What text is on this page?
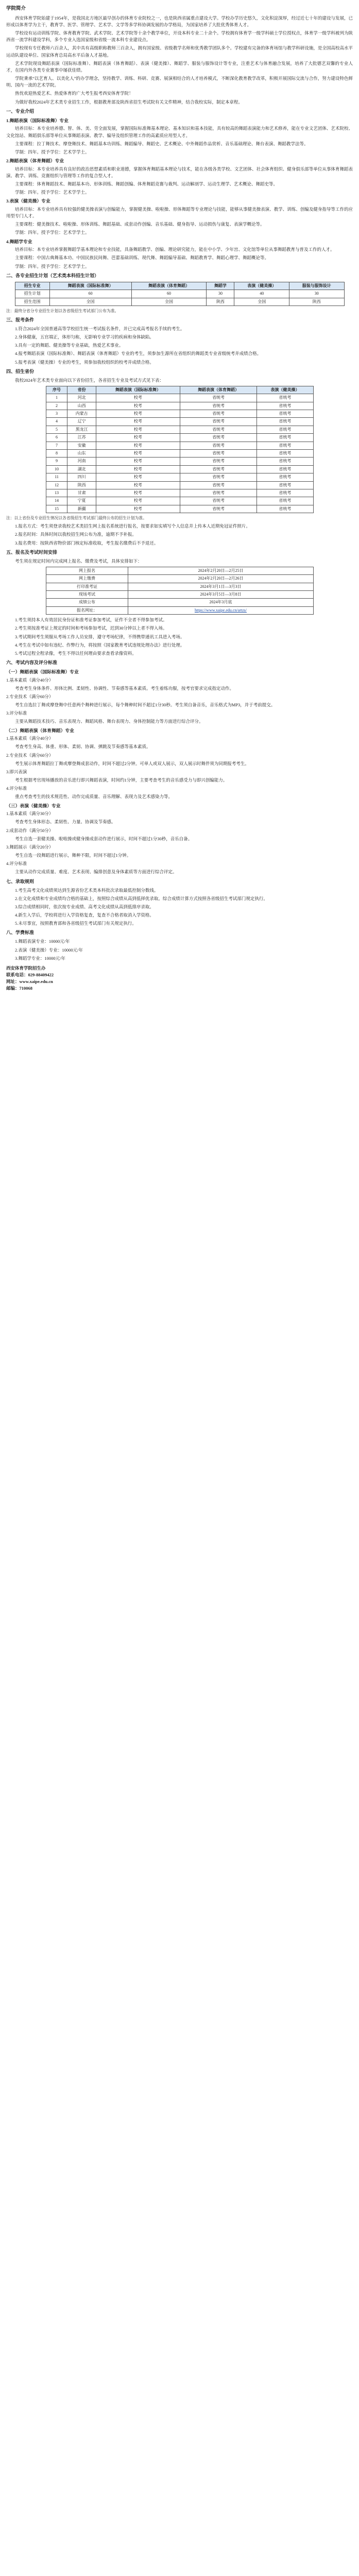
学院简介

西安体育学院始建于1954年，是我国北方地区最早创办的体育专业院校之一，也是陕西省属重点建设大学。学校办学历史悠久，文化积淀深厚，经过近七十年的建设与发展，已形成以体育学为主干，教育学、医学、管理学、艺术学、文学等多学科协调发展的办学格局，为国家培养了大批优秀体育人才。

学校设有运动训练学院、体育教育学院、武术学院、艺术学院等十余个教学单位，开设本科专业二十余个。学校拥有体育学一级学科硕士学位授权点，体育学一级学科被列为陕西省一流学科建设学科，多个专业入选国家级和省级一流本科专业建设点。

学校现有专任教师六百余人，其中具有高级职称教师三百余人，拥有国家级、省级教学名师和优秀教学团队多个。学校建有完备的体育场馆与教学科研设施，是全国高校高水平运动队建设单位、国家体育总局高水平后备人才基地。

艺术学院现设舞蹈表演（国际标准舞）、舞蹈表演（体育舞蹈）、表演（健美操）、舞蹈学、服装与服饰设计等专业，注重艺术与体育融合发展，培养了大批德艺双馨的专业人才，在国内外各类专业赛事中屡获佳绩。

学院秉承“以艺育人、以美化人”的办学理念，坚持教学、训练、科研、竞赛、展演相结合的人才培养模式，不断深化教育教学改革，积极开展国际交流与合作，努力建设特色鲜明、国内一流的艺术学院。

热忱欢迎热爱艺术、热爱体育的广大考生报考西安体育学院！

为做好我校2024年艺术类专业招生工作，根据教育部及陕西省招生考试院有关文件精神，结合我校实际，制定本章程。

一、专业介绍
1.舞蹈表演（国际标准舞）专业

培养目标：本专业培养德、智、体、美、劳全面发展，掌握国际标准舞基本理论、基本知识和基本技能，具有较高的舞蹈表演能力和艺术修养，能在专业文艺团体、艺术院校、文化馆站、舞蹈俱乐部等单位从事舞蹈表演、教学、编导及组织管理工作的高素质应用型人才。

主要课程：拉丁舞技术、摩登舞技术、舞蹈基本功训练、舞蹈编导、舞蹈史、艺术概论、中外舞蹈作品赏析、音乐基础理论、舞台表演、舞蹈教学法等。

学制：四年。授予学位：艺术学学士。

2.舞蹈表演（体育舞蹈）专业

培养目标：本专业培养具有良好的政治思想素质和职业道德，掌握体育舞蹈基本理论与技术，能在各级各类学校、文艺团体、社会体育组织、健身俱乐部等单位从事体育舞蹈表演、教学、训练、竞赛组织与管理等工作的复合型人才。

主要课程：体育舞蹈技术、舞蹈基本功、形体训练、舞蹈创编、体育舞蹈竞赛与裁判、运动解剖学、运动生理学、艺术概论、舞蹈史等。

学制：四年。授予学位：艺术学学士。

3.表演（健美操）专业

培养目标：本专业培养具有较强的健美操表演与创编能力，掌握健美操、啦啦操、形体舞蹈等专业理论与技能，能够从事健美操表演、教学、训练、创编及健身指导等工作的应用型专门人才。

主要课程：健美操技术、啦啦操、形体训练、舞蹈基础、成套动作创编、音乐基础、健身指导、运动损伤与康复、表演学概论等。

学制：四年。授予学位：艺术学学士。

4.舞蹈学专业

培养目标：本专业培养掌握舞蹈学基本理论和专业技能，具备舞蹈教学、创编、理论研究能力，能在中小学、少年宫、文化馆等单位从事舞蹈教育与普及工作的人才。

主要课程：中国古典舞基本功、中国民族民间舞、芭蕾基础训练、现代舞、舞蹈编导基础、舞蹈教育学、舞蹈心理学、舞蹈概论等。

学制：四年。授予学位：艺术学学士。

二、各专业招生计划（艺术类本科招生计划）
招生专业	舞蹈表演（国际标准舞）	舞蹈表演（体育舞蹈）	舞蹈学	表演（健美操）	服装与服饰设计
招生计划	60	60	30	40	30
招生范围	全国	全国	陕西	全国	陕西

注：最终分省分专业招生计划以各省级招生考试部门公布为准。

三、报考条件

1.符合2024年全国普通高等学校招生统一考试报名条件，并已完成高考报名手续的考生。

2.身体健康，五官端正，体形匀称，无影响专业学习的疾病和身体缺陷。

3.具有一定的舞蹈、健美操等专业基础，热爱艺术事业。

4.报考舞蹈表演（国际标准舞）、舞蹈表演（体育舞蹈）专业的考生，须参加生源所在省组织的舞蹈类专业省级统考并成绩合格。

5.报考表演（健美操）专业的考生，须参加我校组织的校考并成绩合格。

四、招生省份

我校2024年艺术类专业面向以下省份招生，各省招生专业及考试方式见下表：

序号	省份	舞蹈表演（国际标准舞）	舞蹈表演（体育舞蹈）	表演（健美操）
1	河北	校考	省统考	省统考
2	山西	校考	省统考	省统考
3	内蒙古	校考	省统考	省统考
4	辽宁	校考	省统考	省统考
5	黑龙江	校考	省统考	省统考
6	江苏	校考	省统考	省统考
7	安徽	校考	省统考	省统考
8	山东	校考	省统考	省统考
9	河南	校考	省统考	省统考
10	湖北	校考	省统考	省统考
11	四川	校考	省统考	省统考
12	陕西	校考	省统考	省统考
13	甘肃	校考	省统考	省统考
14	宁夏	校考	省统考	省统考
15	新疆	校考	省统考	省统考

注：以上省份及专业招生情况以各省级招生考试部门最终公布的招生计划为准。

1.报名方式：考生须登录我校艺术类招生网上报名系统进行报名，按要求如实填写个人信息并上传本人近期免冠证件照片。

2.报名时间：具体时间以我校招生网公布为准，逾期不予补报。

3.报名费用：按陕西省物价部门核定标准收取，考生报名缴费后不予退还。

五、报名及考试时间安排

考生须在规定时间内完成网上报名、缴费及考试，具体安排如下：

网上报名	2024年2月20日—2月25日
网上缴费	2024年2月20日—2月26日
打印准考证	2024年3月1日—3月3日
现场考试	2024年3月5日—3月8日
成绩公布	2024年3月底
报名网址：	https://www.xaipe.edu.cn/artzs/

1.考生须持本人有效居民身份证和准考证参加考试，证件不全者不得参加考试。

2.考生须按准考证上规定的时间和考场参加考试，迟到30分钟以上者不得入场。

3.考试期间考生须服从考场工作人员安排，遵守考场纪律，不得携带通讯工具进入考场。

4.考生在考试中如有违纪、作弊行为，将按照《国家教育考试违规处理办法》进行处理。

5.考试过程全程录像，考生不得以任何理由要求查看录像资料。

六、考试内容及评分标准
（一）舞蹈表演（国际标准舞）专业

1.基本素质（满分40分）

考查考生身体条件、形体比例、柔韧性、协调性、节奏感等基本素质。考生着练功服，按考官要求完成指定动作。

2.专业技术（满分60分）

考生自选拉丁舞或摩登舞中任意两个舞种进行展示，每个舞种时间不超过1分30秒。考生须自备音乐，音乐格式为MP3，并于考前提交。

3.评分标准

主要从舞蹈技术技巧、音乐表现力、舞蹈风格、舞台表现力、身体控制能力等方面进行综合评分。

（二）舞蹈表演（体育舞蹈）专业

1.基本素质（满分40分）

考查考生身高、体重、形体、柔韧、协调、弹跳及节奏感等基本素质。

2.专业技术（满分60分）

考生展示体育舞蹈拉丁舞或摩登舞成套动作，时间不超过2分钟。可单人或双人展示，双人展示时舞伴须为同期报考考生。

3.即兴表演

考生根据考官现场播放的音乐进行即兴舞蹈表演，时间约1分钟，主要考查考生的音乐感受力与即兴创编能力。

4.评分标准

重点考查考生的技术规范性、动作完成质量、音乐理解、表现力及艺术感染力等。

（三）表演（健美操）专业

1.基本素质（满分30分）

考查考生身体形态、柔韧性、力量、协调及节奏感。

2.成套动作（满分50分）

考生自选一套健美操、啦啦操或健身操成套动作进行展示，时间不超过1分30秒，音乐自备。

3.舞蹈展示（满分20分）

考生自选一段舞蹈进行展示，舞种不限，时间不超过1分钟。

4.评分标准

主要从动作完成质量、难度、艺术表现、编排创意及身体素质等方面进行综合评定。

七、录取规则

1.考生高考文化成绩须达到生源省份艺术类本科批次录取最低控制分数线。

2.在文化成绩和专业成绩均合格的基础上，按照综合成绩从高到低择优录取。综合成绩计算方式按照各省级招生考试部门规定执行。

3.综合成绩相同时，依次按专业成绩、高考文化成绩从高到低排序录取。

4.新生入学后，学校将进行入学资格复查，复查不合格者取消入学资格。

5.未尽事宜，按照教育部和各省级招生考试部门有关规定执行。

八、学费标准

1.舞蹈表演专业：10000元/年

2.表演（健美操）专业：10000元/年

3.舞蹈学专业：10000元/年

西安体育学院招生办

联系电话：029-88409422

网址：www.xaipe.edu.cn

邮编：710068
